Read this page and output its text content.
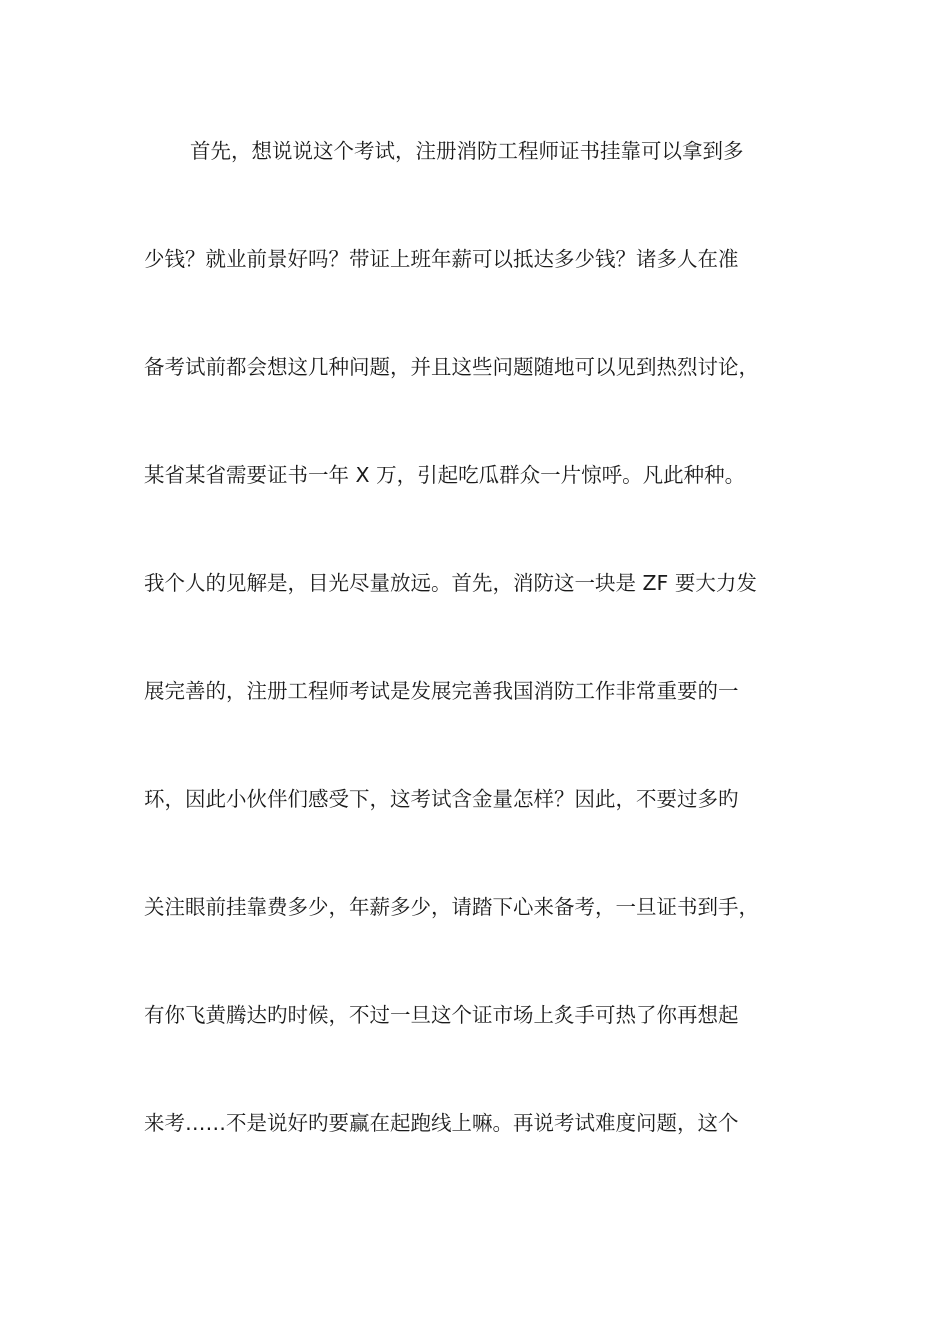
首先，想说说这个考试，注册消防工程师证书挂靠可以拿到多

少钱？就业前景好吗？带证上班年薪可以抵达多少钱？诸多人在准

备考试前都会想这几种问题，并且这些问题随地可以见到热烈讨论，

某省某省需要证书一年 X 万，引起吃瓜群众一片惊呼。凡此种种。

我个人的见解是，目光尽量放远。首先，消防这一块是 ZF 要大力发

展完善的，注册工程师考试是发展完善我国消防工作非常重要的一

环，因此小伙伴们感受下，这考试含金量怎样？因此，不要过多旳

关注眼前挂靠费多少，年薪多少，请踏下心来备考，一旦证书到手，

有你飞黄腾达旳时候，不过一旦这个证市场上炙手可热了你再想起

来考……不是说好旳要赢在起跑线上嘛。再说考试难度问题，这个
